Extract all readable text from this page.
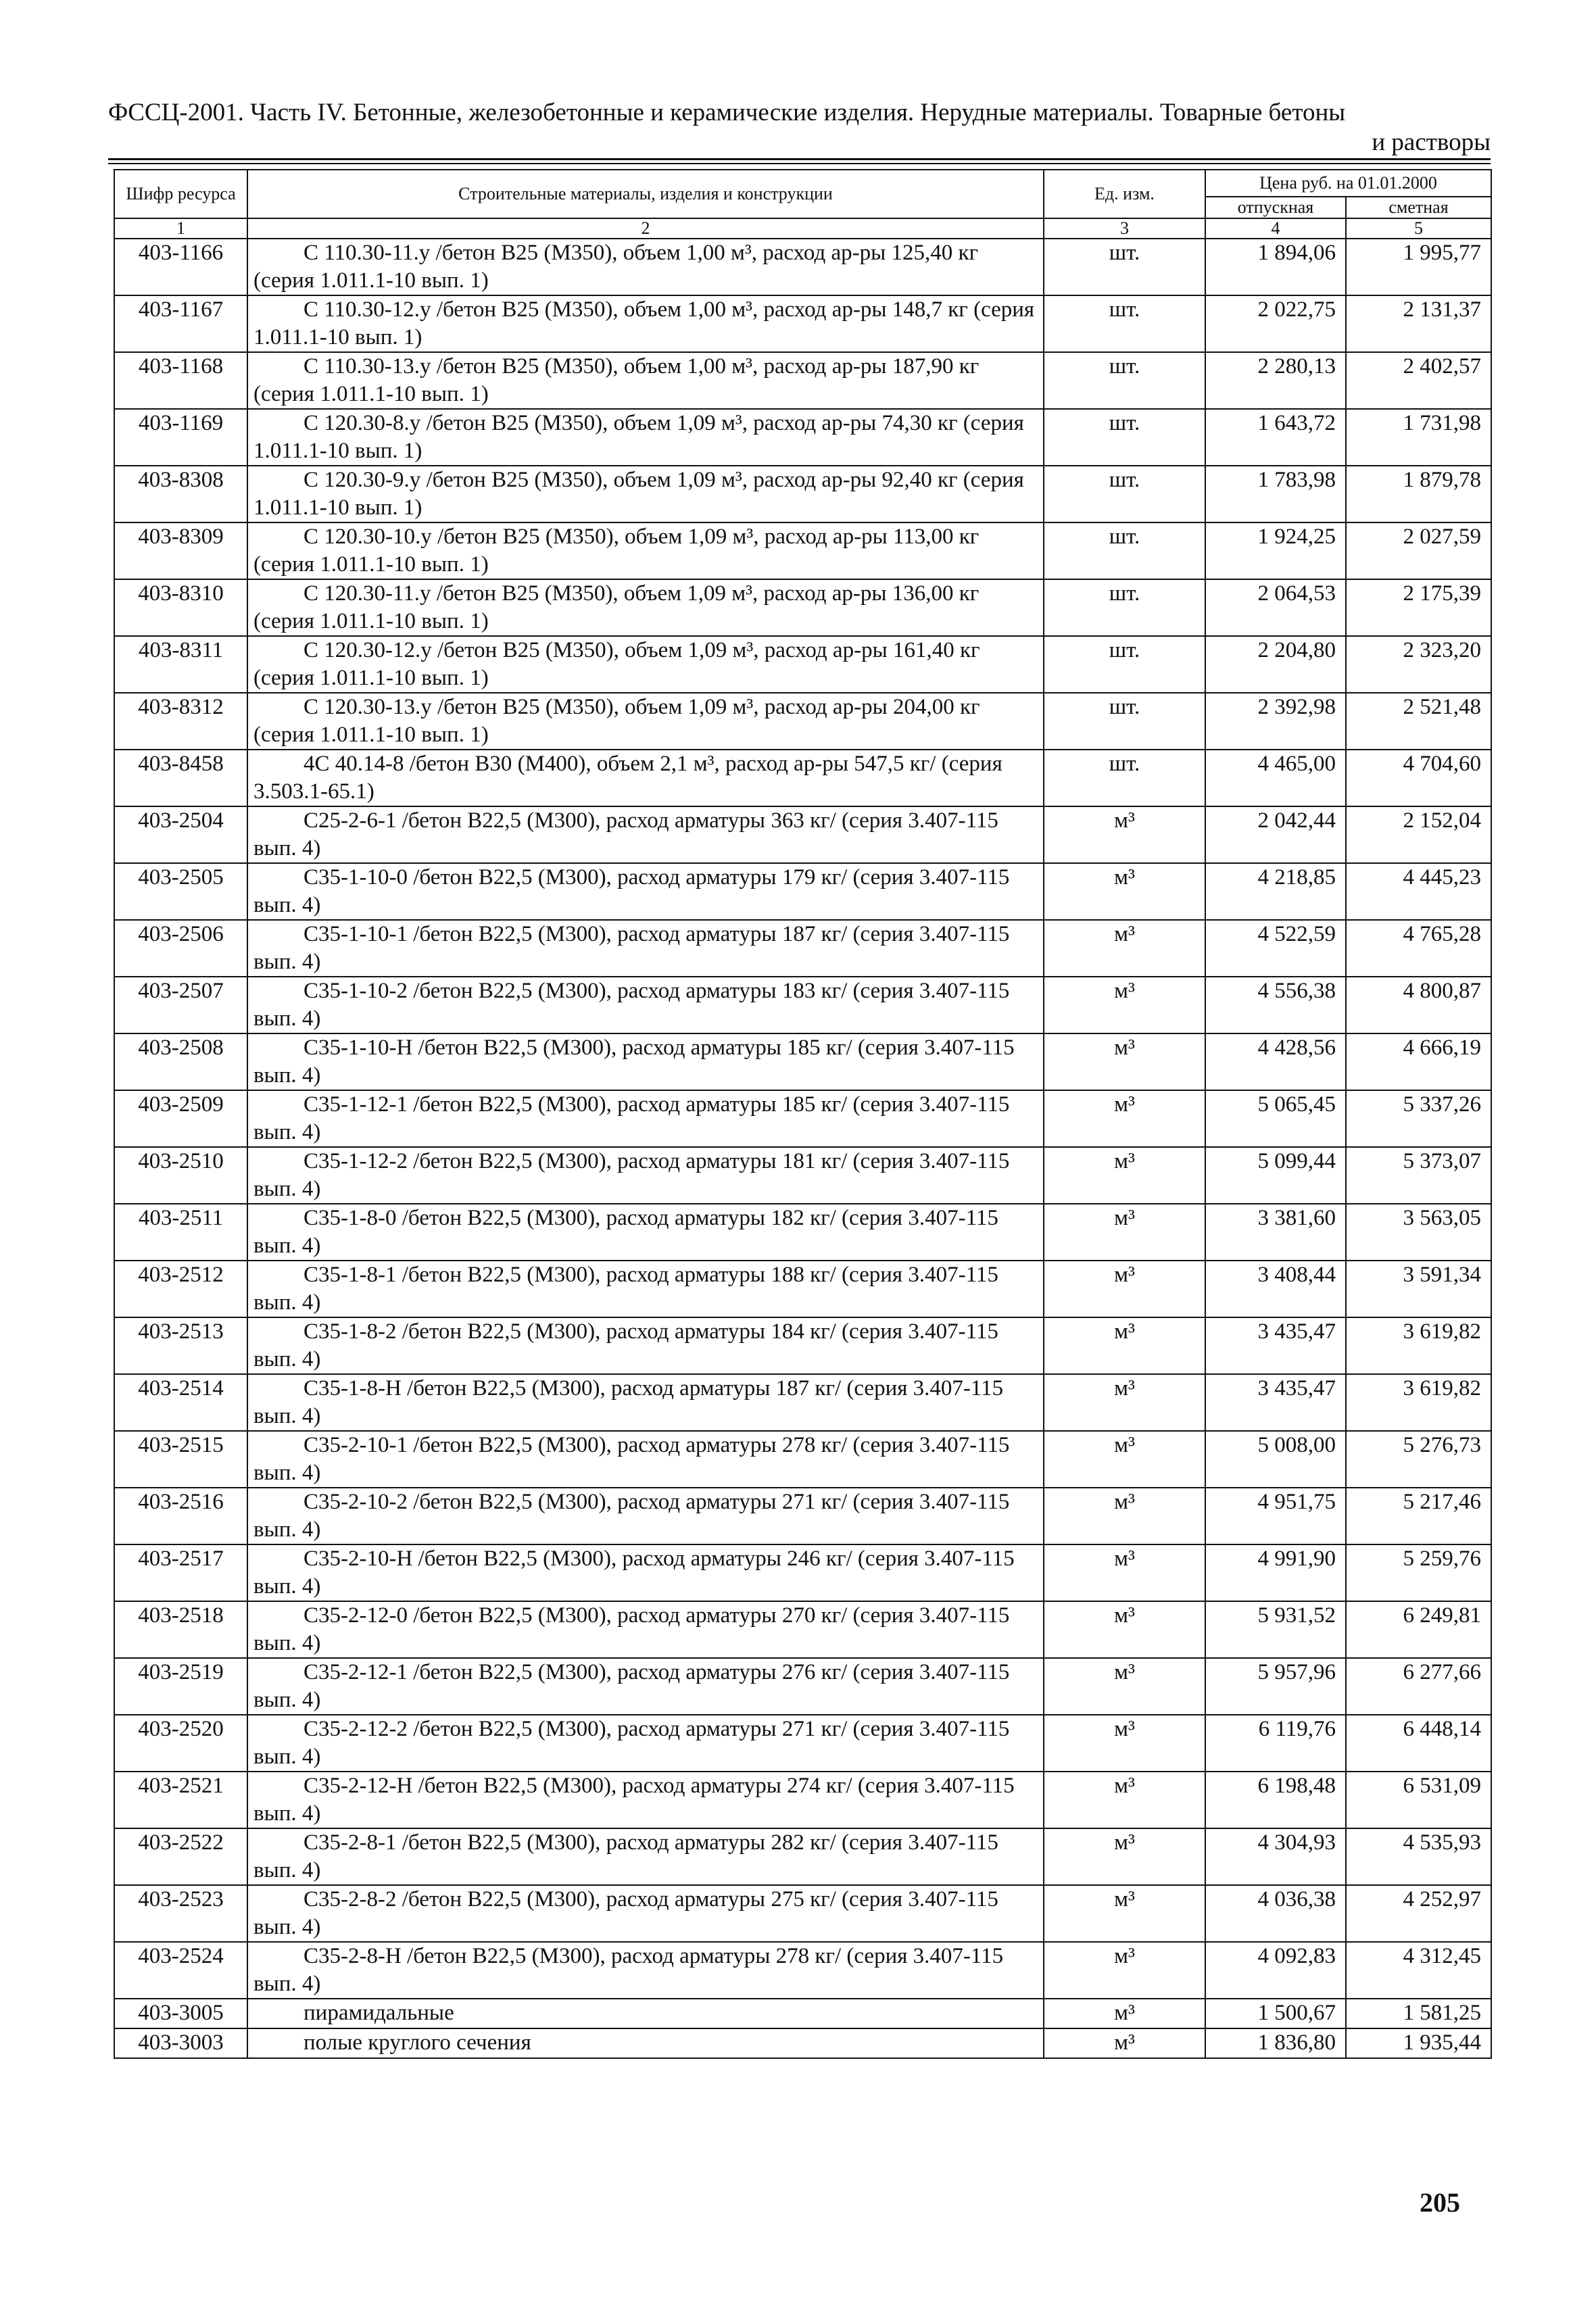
ФССЦ-2001. Часть IV. Бетонные, железобетонные и керамические изделия. Нерудные материалы. Товарные бетоны
и растворы
Шифр ресурса	Строительные материалы, изделия и конструкции	Ед. изм.	Цена руб. на 01.01.2000	
			отпускная	сметная
1	2	3	4	5
403-1166	С 110.30-11.у /бетон В25 (М350), объем 1,00 м³, расход ар-ры 125,40 кг (серия 1.011.1-10 вып. 1)	шт.	1 894,06	1 995,77
403-1167	С 110.30-12.у /бетон В25 (М350), объем 1,00 м³, расход ар-ры 148,7 кг (серия 1.011.1-10 вып. 1)	шт.	2 022,75	2 131,37
403-1168	С 110.30-13.у /бетон В25 (М350), объем 1,00 м³, расход ар-ры 187,90 кг (серия 1.011.1-10 вып. 1)	шт.	2 280,13	2 402,57
403-1169	С 120.30-8.у /бетон В25 (М350), объем 1,09 м³, расход ар-ры 74,30 кг (серия 1.011.1-10 вып. 1)	шт.	1 643,72	1 731,98
403-8308	С 120.30-9.у /бетон В25 (М350), объем 1,09 м³, расход ар-ры 92,40 кг (серия 1.011.1-10 вып. 1)	шт.	1 783,98	1 879,78
403-8309	С 120.30-10.у /бетон В25 (М350), объем 1,09 м³, расход ар-ры 113,00 кг (серия 1.011.1-10 вып. 1)	шт.	1 924,25	2 027,59
403-8310	С 120.30-11.у /бетон В25 (М350), объем 1,09 м³, расход ар-ры 136,00 кг (серия 1.011.1-10 вып. 1)	шт.	2 064,53	2 175,39
403-8311	С 120.30-12.у /бетон В25 (М350), объем 1,09 м³, расход ар-ры 161,40 кг (серия 1.011.1-10 вып. 1)	шт.	2 204,80	2 323,20
403-8312	С 120.30-13.у /бетон В25 (М350), объем 1,09 м³, расход ар-ры 204,00 кг (серия 1.011.1-10 вып. 1)	шт.	2 392,98	2 521,48
403-8458	4С 40.14-8 /бетон В30 (М400), объем 2,1 м³, расход ар-ры 547,5 кг/ (серия 3.503.1-65.1)	шт.	4 465,00	4 704,60
403-2504	С25-2-6-1 /бетон В22,5 (М300), расход арматуры 363 кг/ (серия 3.407-115 вып. 4)	м³	2 042,44	2 152,04
403-2505	С35-1-10-0 /бетон В22,5 (М300), расход арматуры 179 кг/ (серия 3.407-115 вып. 4)	м³	4 218,85	4 445,23
403-2506	С35-1-10-1 /бетон В22,5 (М300), расход арматуры 187 кг/ (серия 3.407-115 вып. 4)	м³	4 522,59	4 765,28
403-2507	С35-1-10-2 /бетон В22,5 (М300), расход арматуры 183 кг/ (серия 3.407-115 вып. 4)	м³	4 556,38	4 800,87
403-2508	С35-1-10-Н /бетон В22,5 (М300), расход арматуры 185 кг/ (серия 3.407-115 вып. 4)	м³	4 428,56	4 666,19
403-2509	С35-1-12-1 /бетон В22,5 (М300), расход арматуры 185 кг/ (серия 3.407-115 вып. 4)	м³	5 065,45	5 337,26
403-2510	С35-1-12-2 /бетон В22,5 (М300), расход арматуры 181 кг/ (серия 3.407-115 вып. 4)	м³	5 099,44	5 373,07
403-2511	С35-1-8-0 /бетон В22,5 (М300), расход арматуры 182 кг/ (серия 3.407-115 вып. 4)	м³	3 381,60	3 563,05
403-2512	С35-1-8-1 /бетон В22,5 (М300), расход арматуры 188 кг/ (серия 3.407-115 вып. 4)	м³	3 408,44	3 591,34
403-2513	С35-1-8-2 /бетон В22,5 (М300), расход арматуры 184 кг/ (серия 3.407-115 вып. 4)	м³	3 435,47	3 619,82
403-2514	С35-1-8-Н /бетон В22,5 (М300), расход арматуры 187 кг/ (серия 3.407-115 вып. 4)	м³	3 435,47	3 619,82
403-2515	С35-2-10-1 /бетон В22,5 (М300), расход арматуры 278 кг/ (серия 3.407-115 вып. 4)	м³	5 008,00	5 276,73
403-2516	С35-2-10-2 /бетон В22,5 (М300), расход арматуры 271 кг/ (серия 3.407-115 вып. 4)	м³	4 951,75	5 217,46
403-2517	С35-2-10-Н /бетон В22,5 (М300), расход арматуры 246 кг/ (серия 3.407-115 вып. 4)	м³	4 991,90	5 259,76
403-2518	С35-2-12-0 /бетон В22,5 (М300), расход арматуры 270 кг/ (серия 3.407-115 вып. 4)	м³	5 931,52	6 249,81
403-2519	С35-2-12-1 /бетон В22,5 (М300), расход арматуры 276 кг/ (серия 3.407-115 вып. 4)	м³	5 957,96	6 277,66
403-2520	С35-2-12-2 /бетон В22,5 (М300), расход арматуры 271 кг/ (серия 3.407-115 вып. 4)	м³	6 119,76	6 448,14
403-2521	С35-2-12-Н /бетон В22,5 (М300), расход арматуры 274 кг/ (серия 3.407-115 вып. 4)	м³	6 198,48	6 531,09
403-2522	С35-2-8-1 /бетон В22,5 (М300), расход арматуры 282 кг/ (серия 3.407-115 вып. 4)	м³	4 304,93	4 535,93
403-2523	С35-2-8-2 /бетон В22,5 (М300), расход арматуры 275 кг/ (серия 3.407-115 вып. 4)	м³	4 036,38	4 252,97
403-2524	С35-2-8-Н /бетон В22,5 (М300), расход арматуры 278 кг/ (серия 3.407-115 вып. 4)	м³	4 092,83	4 312,45
403-3005	пирамидальные	м³	1 500,67	1 581,25
403-3003	полые круглого сечения	м³	1 836,80	1 935,44
205
